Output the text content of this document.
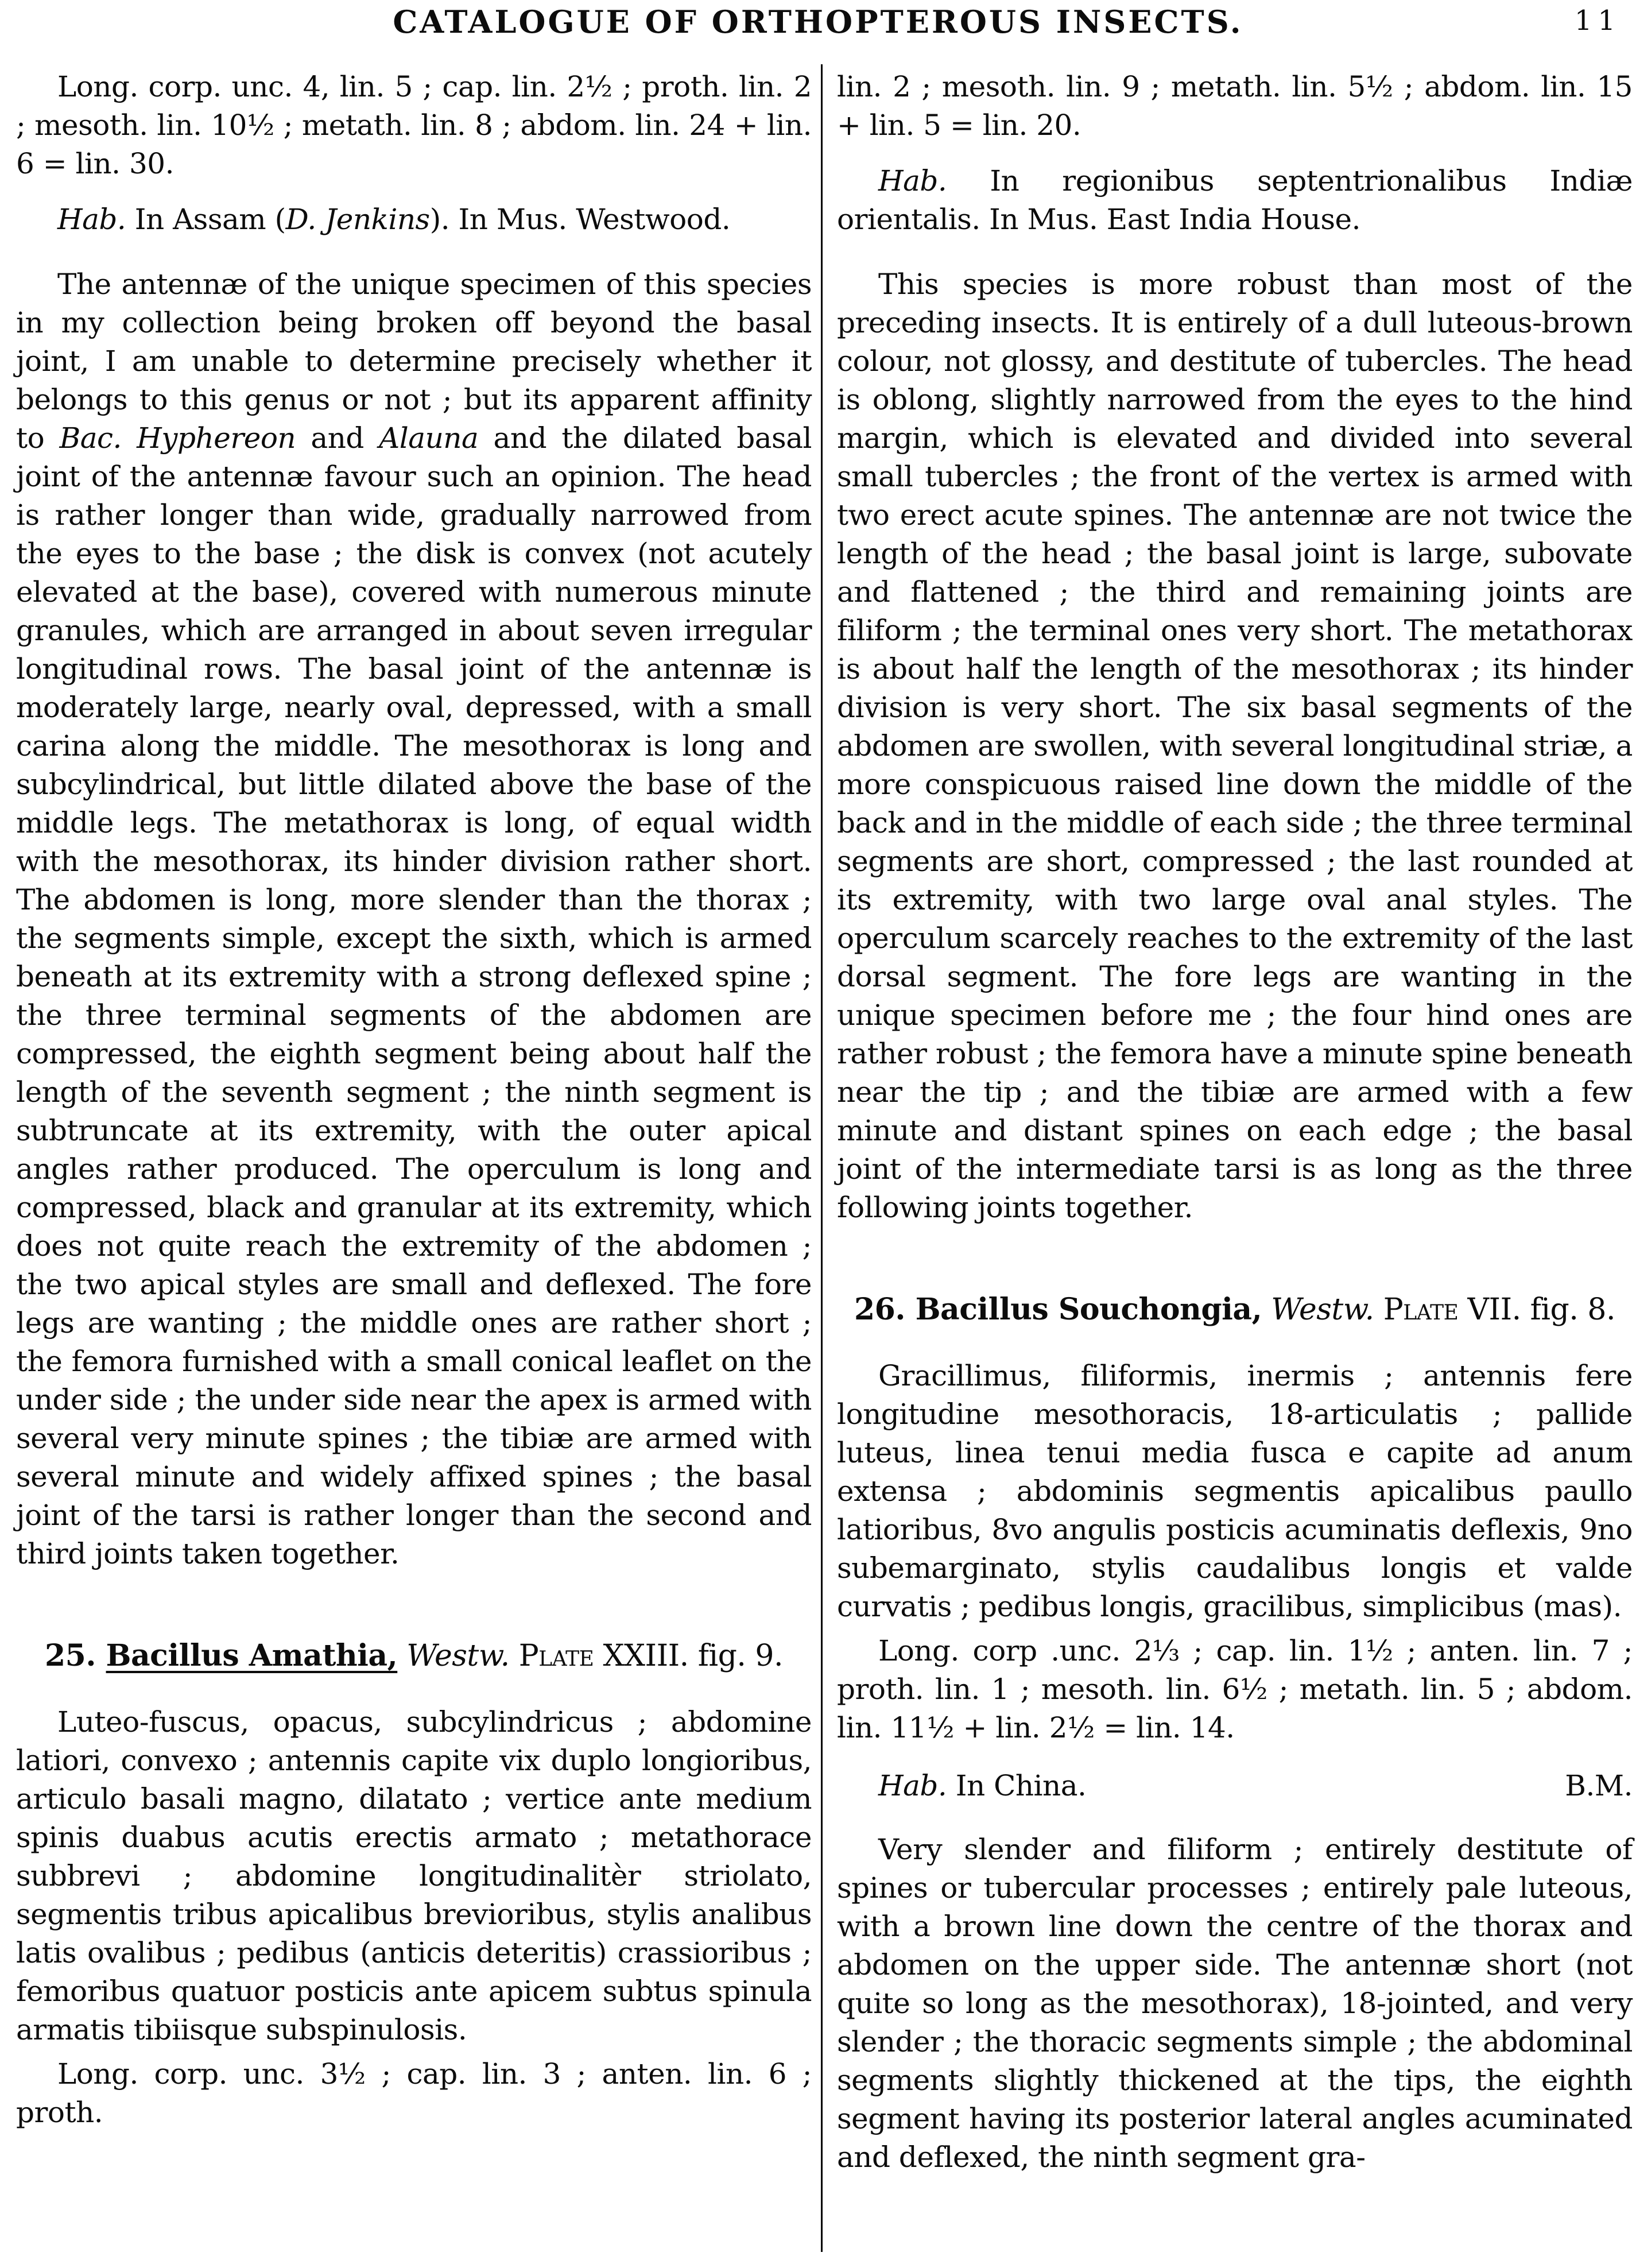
CATALOGUE OF ORTHOPTEROUS INSECTS.	11

Long. corp. unc. 4, lin. 5 ; cap. lin. 2½ ; proth. lin. 2 ; mesoth. lin. 10½ ; metath. lin. 8 ; abdom. lin. 24 + lin. 6 = lin. 30.

Hab. In Assam (D. Jenkins). In Mus. Westwood.

The antennæ of the unique specimen of this species in my collection being broken off beyond the basal joint, I am unable to determine precisely whether it belongs to this genus or not ; but its apparent affinity to Bac. Hyphereon and Alauna and the dilated basal joint of the antennæ favour such an opinion. The head is rather longer than wide, gradually narrowed from the eyes to the base ; the disk is convex (not acutely elevated at the base), covered with numerous minute granules, which are arranged in about seven irregular longitudinal rows. The basal joint of the antennæ is moderately large, nearly oval, depressed, with a small carina along the middle. The mesothorax is long and subcylindrical, but little dilated above the base of the middle legs. The metathorax is long, of equal width with the mesothorax, its hinder division rather short. The abdomen is long, more slender than the thorax ; the segments simple, except the sixth, which is armed beneath at its extremity with a strong deflexed spine ; the three terminal segments of the abdomen are compressed, the eighth segment being about half the length of the seventh segment ; the ninth segment is subtruncate at its extremity, with the outer apical angles rather produced. The operculum is long and compressed, black and granular at its extremity, which does not quite reach the extremity of the abdomen ; the two apical styles are small and deflexed. The fore legs are wanting ; the middle ones are rather short ; the femora furnished with a small conical leaflet on the under side ; the under side near the apex is armed with several very minute spines ; the tibiæ are armed with several minute and widely affixed spines ; the basal joint of the tarsi is rather longer than the second and third joints taken together.

25. Bacillus Amathia, Westw. Plate XXIII. fig. 9.

Luteo-fuscus, opacus, subcylindricus ; abdomine latiori, convexo ; antennis capite vix duplo longioribus, articulo basali magno, dilatato ; vertice ante medium spinis duabus acutis erectis armato ; metathorace subbrevi ; abdomine longitudinalitèr striolato, segmentis tribus apicalibus brevioribus, stylis analibus latis ovalibus ; pedibus (anticis deteritis) crassioribus ; femoribus quatuor posticis ante apicem subtus spinula armatis tibiisque subspinulosis.

Long. corp. unc. 3½ ; cap. lin. 3 ; anten. lin. 6 ; proth.

lin. 2 ; mesoth. lin. 9 ; metath. lin. 5½ ; abdom. lin. 15 + lin. 5 = lin. 20.

Hab. In regionibus septentrionalibus Indiæ orientalis. In Mus. East India House.

This species is more robust than most of the preceding insects. It is entirely of a dull luteous-brown colour, not glossy, and destitute of tubercles. The head is oblong, slightly narrowed from the eyes to the hind margin, which is elevated and divided into several small tubercles ; the front of the vertex is armed with two erect acute spines. The antennæ are not twice the length of the head ; the basal joint is large, subovate and flattened ; the third and remaining joints are filiform ; the terminal ones very short. The metathorax is about half the length of the mesothorax ; its hinder division is very short. The six basal segments of the abdomen are swollen, with several longitudinal striæ, a more conspicuous raised line down the middle of the back and in the middle of each side ; the three terminal segments are short, compressed ; the last rounded at its extremity, with two large oval anal styles. The operculum scarcely reaches to the extremity of the last dorsal segment. The fore legs are wanting in the unique specimen before me ; the four hind ones are rather robust ; the femora have a minute spine beneath near the tip ; and the tibiæ are armed with a few minute and distant spines on each edge ; the basal joint of the intermediate tarsi is as long as the three following joints together.

26. Bacillus Souchongia, Westw. Plate VII. fig. 8.

Gracillimus, filiformis, inermis ; antennis fere longitudine mesothoracis, 18-articulatis ; pallide luteus, linea tenui media fusca e capite ad anum extensa ; abdominis segmentis apicalibus paullo latioribus, 8vo angulis posticis acuminatis deflexis, 9no subemarginato, stylis caudalibus longis et valde curvatis ; pedibus longis, gracilibus, simplicibus (mas).

Long. corp .unc. 2⅓ ; cap. lin. 1½ ; anten. lin. 7 ; proth. lin. 1 ; mesoth. lin. 6½ ; metath. lin. 5 ; abdom. lin. 11½ + lin. 2½ = lin. 14.

Hab. In China.	B.M.

Very slender and filiform ; entirely destitute of spines or tubercular processes ; entirely pale luteous, with a brown line down the centre of the thorax and abdomen on the upper side. The antennæ short (not quite so long as the mesothorax), 18-jointed, and very slender ; the thoracic segments simple ; the abdominal segments slightly thickened at the tips, the eighth segment having its posterior lateral angles acuminated and deflexed, the ninth segment gra-
